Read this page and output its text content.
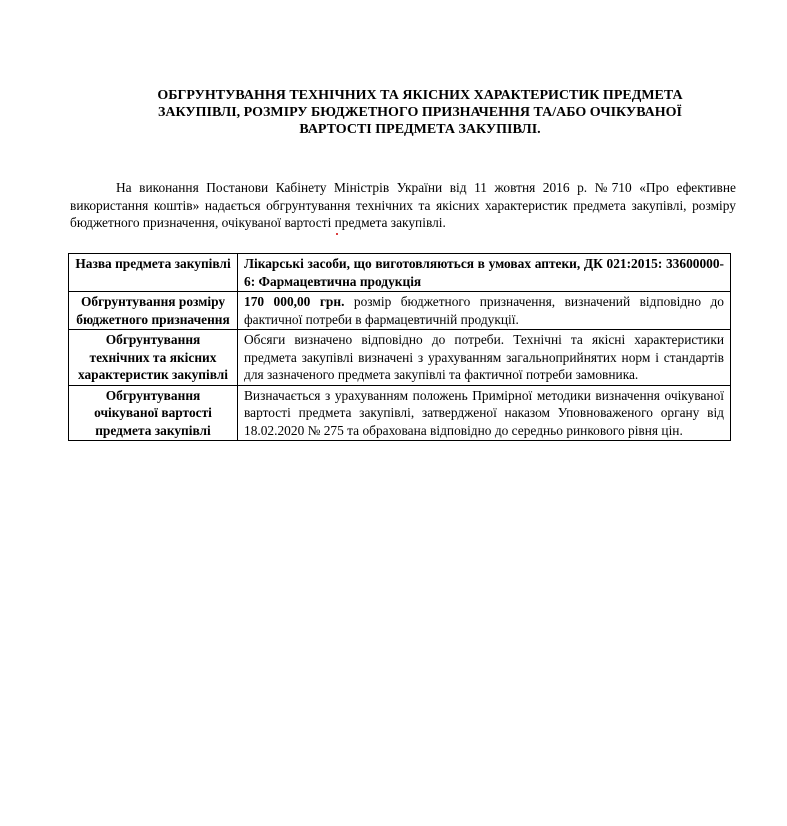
ОБГРУНТУВАННЯ ТЕХНІЧНИХ ТА ЯКІСНИХ ХАРАКТЕРИСТИК ПРЕДМЕТА
ЗАКУПІВЛІ, РОЗМІРУ БЮДЖЕТНОГО ПРИЗНАЧЕННЯ ТА/АБО ОЧІКУВАНОЇ
ВАРТОСТІ ПРЕДМЕТА ЗАКУПІВЛІ.

На виконання Постанови Кабінету Міністрів України від 11 жовтня 2016 р. №710 «Про ефективне використання коштів» надається обгрунтування технічних та якісних характеристик предмета закупівлі, розміру бюджетного призначення, очікуваної вартості предмета закупівлі.

Назва предмета закупівлі	Лікарські засоби, що виготовляються в умовах аптеки, ДК 021:2015: 33600000-6: Фармацевтична продукція
Обгрунтування розміру бюджетного призначення	170 000,00 грн. розмір бюджетного призначення, визначений відповідно до фактичної потреби в фармацевтичній продукції.
Обгрунтування технічних та якісних характеристик закупівлі	Обсяги визначено відповідно до потреби. Технічні та якісні характеристики предмета закупівлі визначені з урахуванням загальноприйнятих норм і стандартів для зазначеного предмета закупівлі та фактичної потреби замовника.
Обгрунтування очікуваної вартості предмета закупівлі	Визначається з урахуванням положень Примірної методики визначення очікуваної вартості предмета закупівлі, затвердженої наказом Уповноваженого органу від 18.02.2020 № 275 та обрахована відповідно до середньо ринкового рівня цін.
